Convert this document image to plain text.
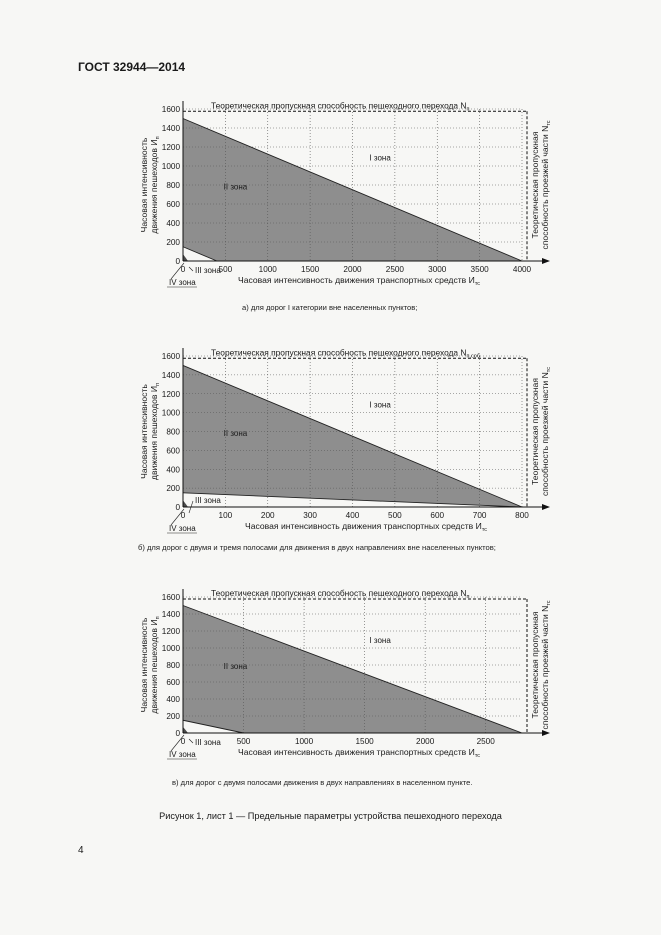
ГОСТ 32944—2014
0	500	1000	1500	2000	2500	3000	3500	4000
0
200
400
600
800
1000
1200
1400
1600	Теоретическая пропускная способность пешеходного перехода $N_п$
Часовая интенсивность движения транспортных средств $И_{тс}$
Часовая интенсивность движения пешеходов $И_п$	Теоретическая пропускная способность проезжей части $N_{тс}$
I зона
II зона
III зона
IV зона
а) для дорог I категории вне населенных пунктов;
0	100	200	300	400	500	600	700	800
0
200
400
600
800
1000
1200
1400
1600	Теоретическая пропускная способность пешеходного перехода $N_{п.соб}$
Часовая интенсивность движения транспортных средств $И_{тс}$
Часовая интенсивность движения пешеходов $И_п$	Теоретическая пропускная способность проезжей части $N_{тс}$
I зона
II зона
III зона
IV зона
б) для дорог с двумя и тремя полосами для движения в двух направлениях вне населенных пунктов;
0	500	1000	1500	2000	2500
0
200
400
600
800
1000
1200
1400
1600	Теоретическая пропускная способность пешеходного перехода $N_п$
Часовая интенсивность движения транспортных средств $И_{тс}$
Часовая интенсивность движения пешеходов $И_п$	Теоретическая пропускная способность проезжей части $N_{тс}$
I зона
II зона
III зона
IV зона
в) для дорог с двумя полосами движения в двух направлениях в населенном пункте.
Рисунок 1, лист 1 — Предельные параметры устройства пешеходного перехода
4
